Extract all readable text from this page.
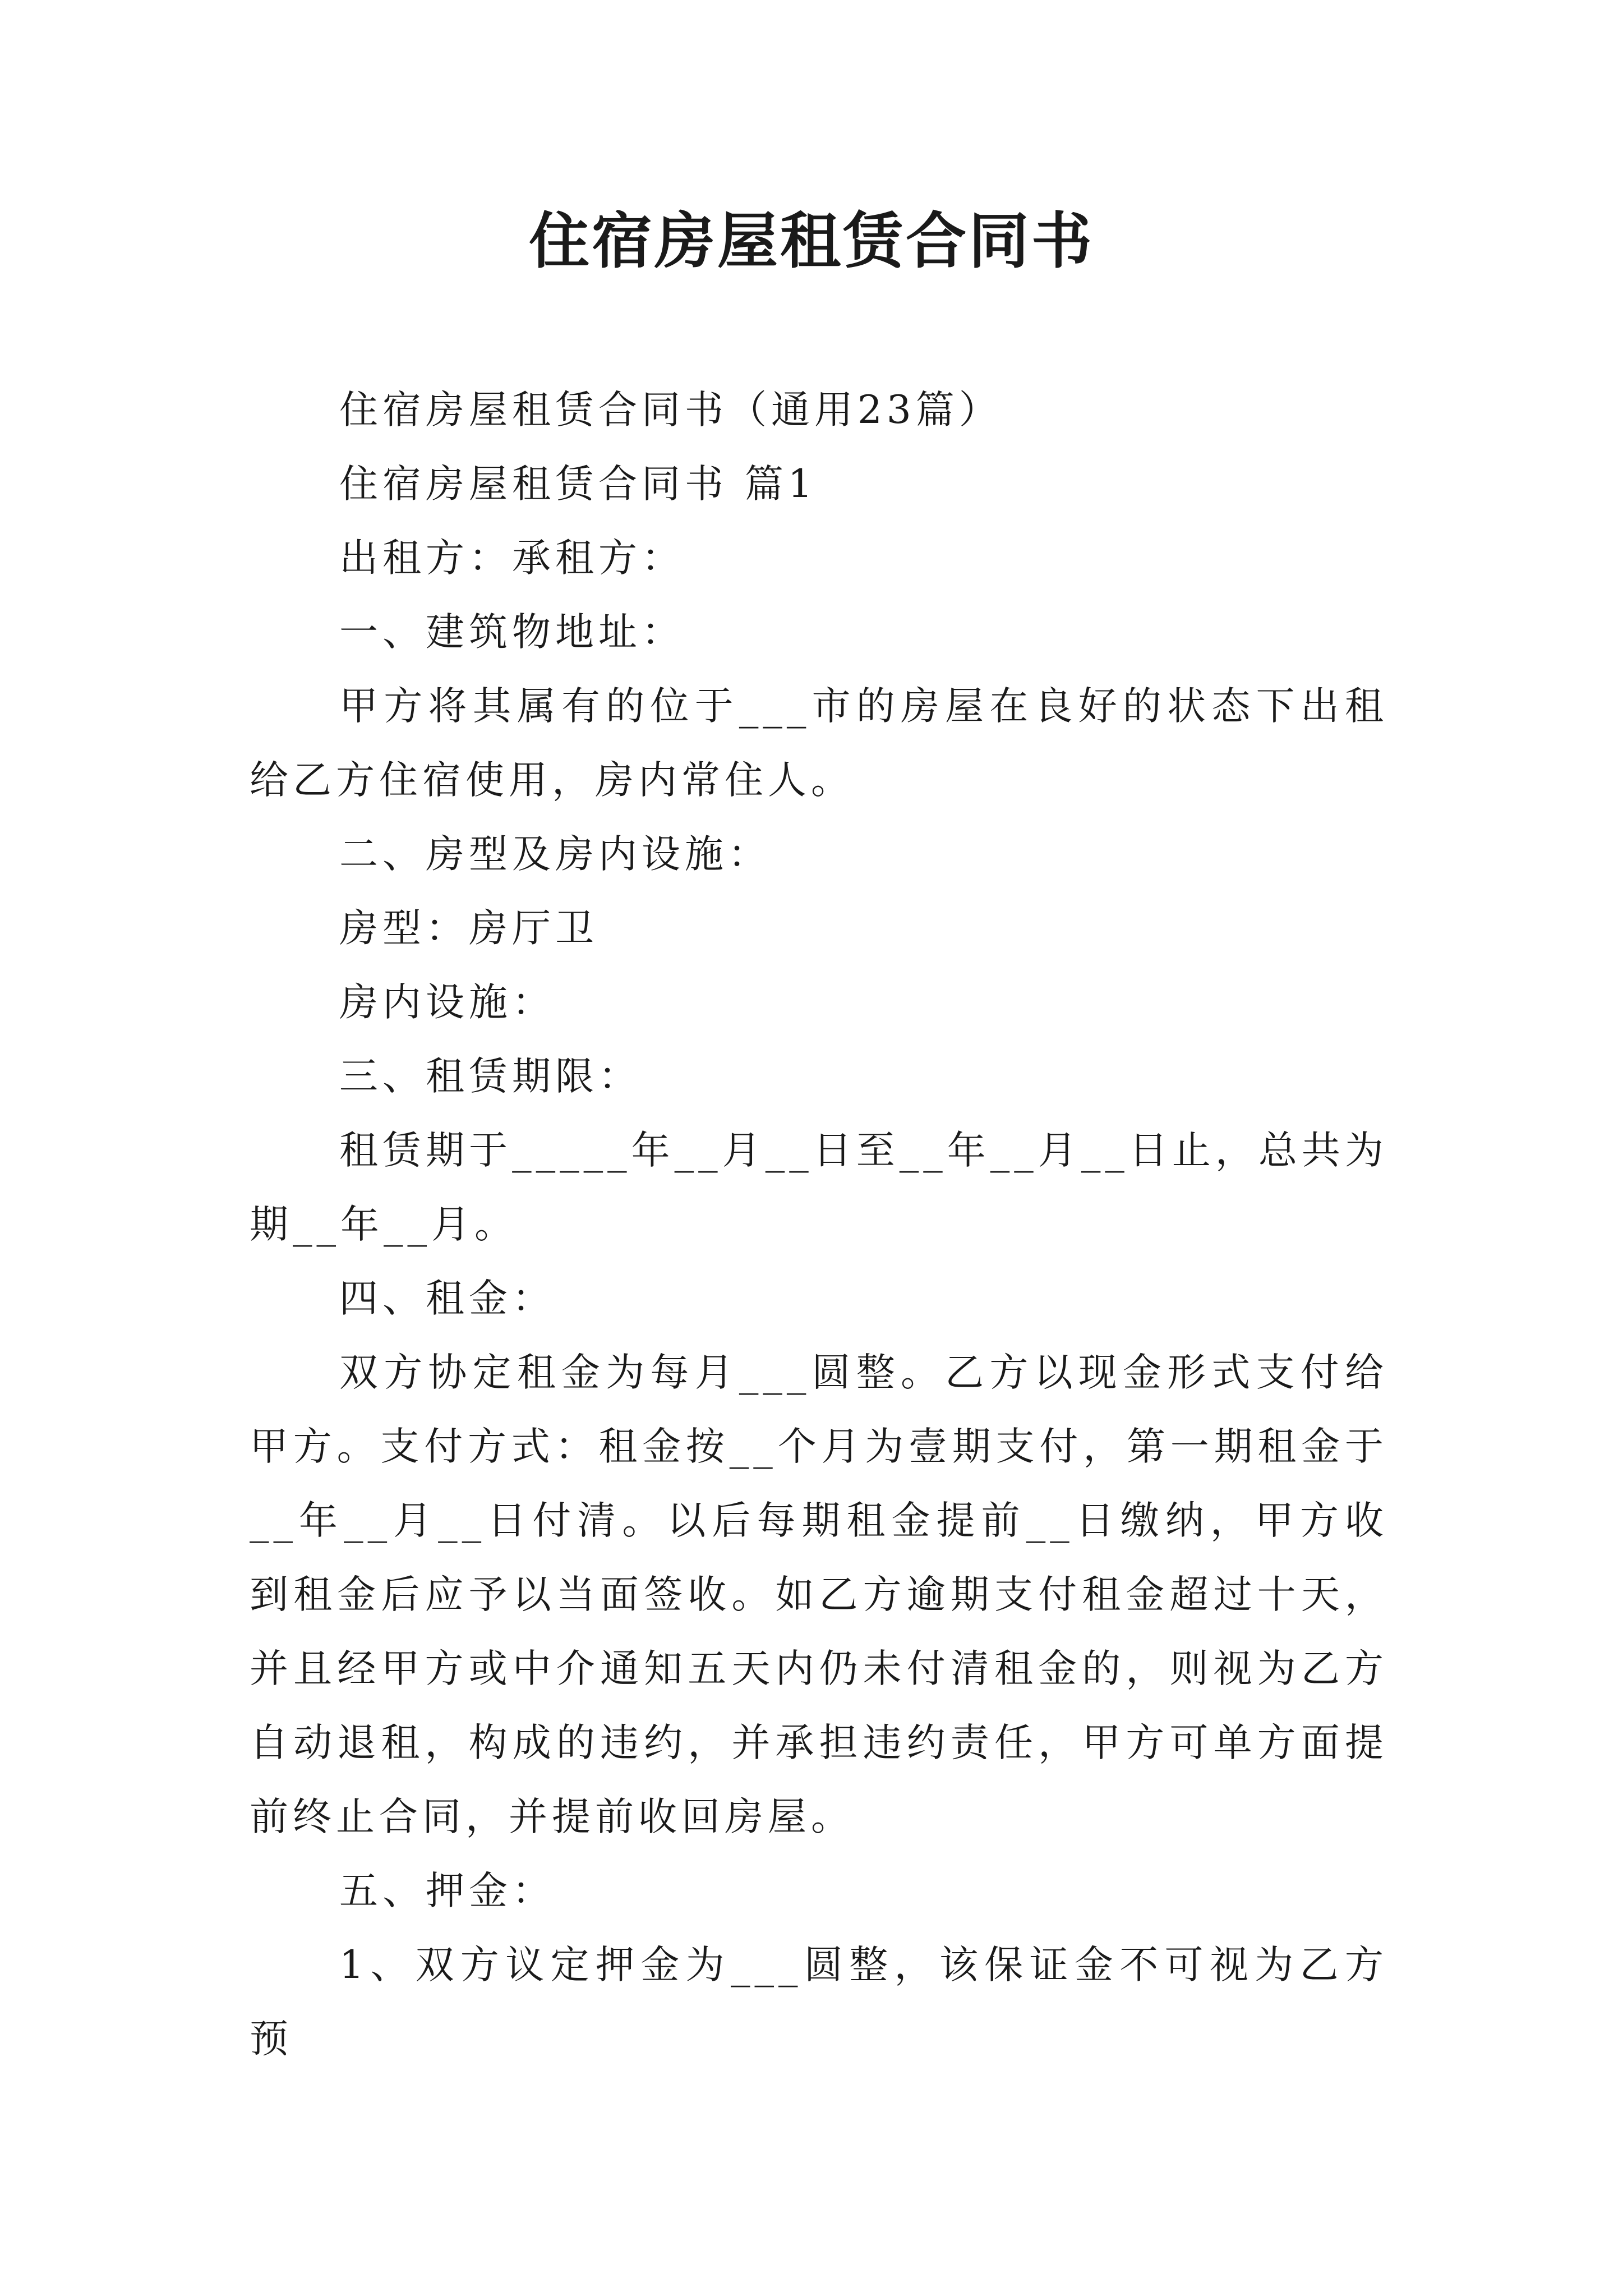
住宿房屋租赁合同书

住宿房屋租赁合同书（通用23篇）

住宿房屋租赁合同书 篇1

出租方：承租方：

一、建筑物地址：

甲方将其属有的位于___市的房屋在良好的状态下出租给乙方住宿使用，房内常住人。

二、房型及房内设施：

房型：房厅卫

房内设施：

三、租赁期限：

租赁期于_____年__月__日至__年__月__日止，总共为期__年__月。

四、租金：

双方协定租金为每月___圆整。乙方以现金形式支付给甲方。支付方式：租金按__个月为壹期支付，第一期租金于__年__月__日付清。以后每期租金提前__日缴纳，甲方收到租金后应予以当面签收。如乙方逾期支付租金超过十天，并且经甲方或中介通知五天内仍未付清租金的，则视为乙方自动退租，构成的违约，并承担违约责任，甲方可单方面提前终止合同，并提前收回房屋。

五、押金：

1、双方议定押金为___圆整，该保证金不可视为乙方预
